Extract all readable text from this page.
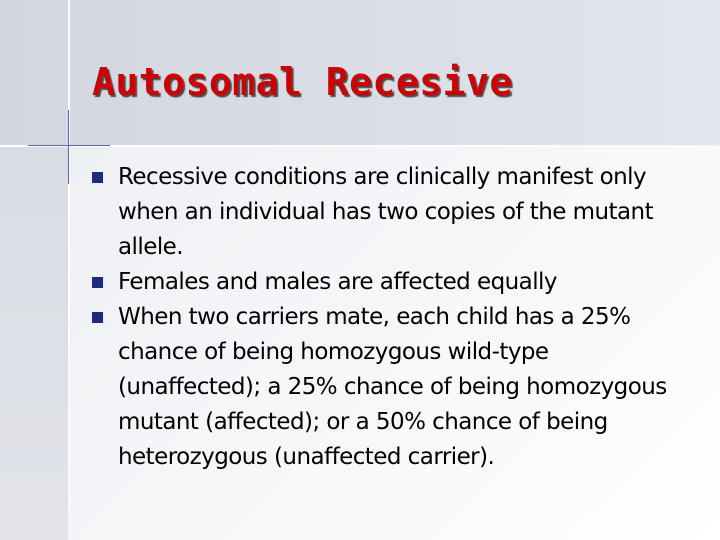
Autosomal Recesive
Recessive conditions are clinically manifest only when an individual has two copies of the mutant allele.
Females and males are affected equally
When two carriers mate, each child has a 25% chance of being homozygous wild-type (unaffected); a 25% chance of being homozygous mutant (affected); or a 50% chance of being heterozygous (unaffected carrier).
